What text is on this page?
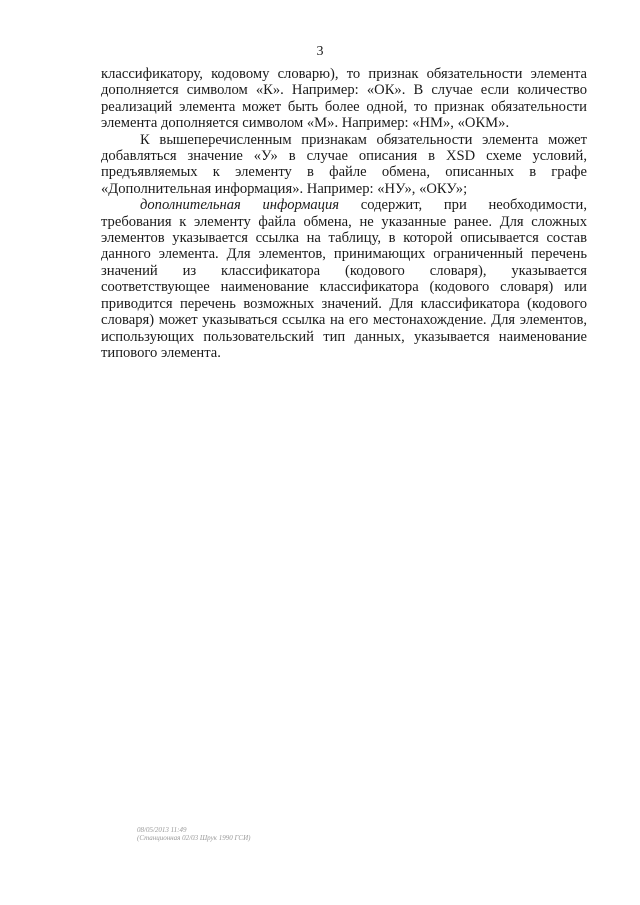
3

классификатору, кодовому словарю), то признак обязательности элемента дополняется символом «К». Например: «ОК». В случае если количество реализаций элемента может быть более одной, то признак обязательности элемента дополняется символом «М». Например: «НМ», «ОКМ».

К вышеперечисленным признакам обязательности элемента может добавляться значение «У» в случае описания в XSD схеме условий, предъявляемых к элементу в файле обмена, описанных в графе «Дополнительная информация». Например: «НУ», «ОКУ»;

дополнительная информация содержит, при необходимости, требования к элементу файла обмена, не указанные ранее. Для сложных элементов указывается ссылка на таблицу, в которой описывается состав данного элемента. Для элементов, принимающих ограниченный перечень значений из классификатора (кодового словаря), указывается соответствующее наименование классификатора (кодового словаря) или приводится перечень возможных значений. Для классификатора (кодового словаря) может указываться ссылка на его местонахождение. Для элементов, использующих пользовательский тип данных, указывается наименование типового элемента.

08/05/2013 11:49
(Станционная 02/03 Шрук 1990 ГСИ)
